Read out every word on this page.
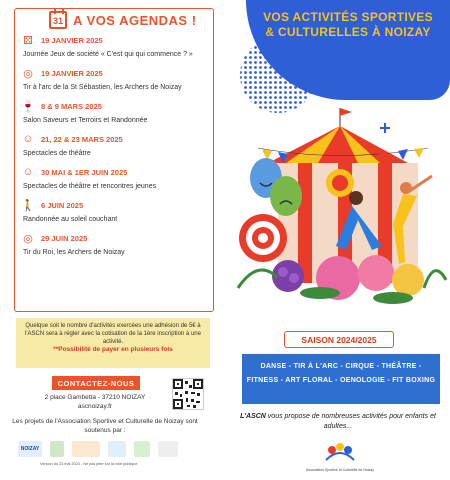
31 A VOS AGENDAS !
⚄ 19 JANVIER 2025
Journée Jeux de société « C'est qui qui commence ? »
◎ 19 JANVIER 2025
Tir à l'arc de la St Sébastien, les Archers de Noizay
🍷 8 & 9 MARS 2025
Salon Saveurs et Terroirs et Randonnée
☺ 21, 22 & 23 MARS 2025
Spectacles de théâtre
☺ 30 MAI & 1ER JUIN 2025
Spectacles de théâtre et rencontres jeunes
🚶 6 JUIN 2025
Randonnée au soleil couchant
◎ 29 JUIN 2025
Tir du Roi, les Archers de Noizay

Quelque soit le nombre d'activités exercées une adhésion de 5€ à l'ASCN sera à régler avec la cotisation de la 1ère inscription à une activité.

**Possibilité de payer en plusieurs fois

CONTACTEZ-NOUS
2 place Gambetta - 37210 NOIZAY
ascnoizay.fr
Les projets de l'Association Sportive et Culturelle de Noizay sont soutenus par :
NOIZAY
Version du 23 mai 2024 - Ne pas jeter sur la voie publique
VOS ACTIVITÉS SPORTIVES
& CULTURELLES À NOIZAY
SAISON 2024/2025
DANSE - TIR À L'ARC - CIRQUE - THÉÂTRE -
FITNESS - ART FLORAL - OENOLOGIE - FIT BOXING
L'ASCN vous propose de nombreuses activités pour enfants et adultes...
Association Sportive et Culturelle de Noizay
